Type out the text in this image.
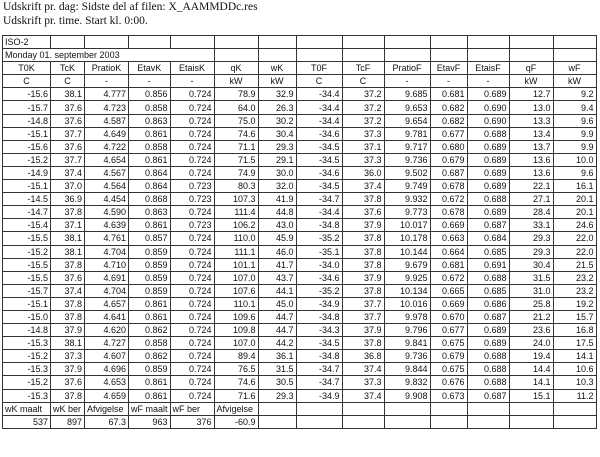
Udskrift pr. dag: Sidste del af filen: X_AAMMDDc.res

Udskrift pr. time. Start kl. 0:00.

ISO-2													
Monday 01. september 2003													
T0K	TcK	PratioK	EtavK	EtaisK	qK	wK	T0F	TcF	PratioF	EtavF	EtaisF	qF	wF
C	C	-	-	-	kW	kW	C	C	-	-	-	kW	kW
-15.6	38.1	4.777	0.856	0.724	78.9	32.9	-34.4	37.2	9.685	0.681	0.689	12.7	9.2
-15.7	37.6	4.723	0.858	0.724	64.0	26.3	-34.4	37.2	9.653	0.682	0.690	13.0	9.4
-14.8	37.6	4.587	0.863	0.724	75.0	30.2	-34.4	37.2	9.654	0.682	0.690	13.3	9.6
-15.1	37.7	4.649	0.861	0.724	74.6	30.4	-34.6	37.3	9.781	0.677	0.688	13.4	9.9
-15.6	37.6	4.722	0.858	0.724	71.1	29.3	-34.5	37.1	9.717	0.680	0.689	13.7	9.9
-15.2	37.7	4.654	0.861	0.724	71.5	29.1	-34.5	37.3	9.736	0.679	0.689	13.6	10.0
-14.9	37.4	4.567	0.864	0.724	74.9	30.0	-34.6	36.0	9.502	0.687	0.689	13.6	9.6
-15.1	37.0	4.564	0.864	0.723	80.3	32.0	-34.5	37.4	9.749	0.678	0.689	22.1	16.1
-14.5	36.9	4.454	0.868	0.723	107.3	41.9	-34.7	37.8	9.932	0.672	0.688	27.1	20.1
-14.7	37.8	4.590	0.863	0.724	111.4	44.8	-34.4	37.6	9.773	0.678	0.689	28.4	20.1
-15.4	37.1	4.639	0.861	0.723	106.2	43.0	-34.8	37.9	10.017	0.669	0.687	33.1	24.6
-15.5	38.1	4.761	0.857	0.724	110.0	45.9	-35.2	37.8	10.178	0.663	0.684	29.3	22.0
-15.2	38.1	4.704	0.859	0.724	111.1	46.0	-35.1	37.8	10.144	0.664	0.685	29.3	22.0
-15.5	37.8	4.710	0.859	0.724	101.1	41.7	-34.0	37.8	9.679	0.681	0.691	30.4	21.5
-15.5	37.6	4.691	0.859	0.724	107.0	43.7	-34.6	37.9	9.925	0.672	0.688	31.5	23.2
-15.7	37.4	4.704	0.859	0.724	107.6	44.1	-35.2	37.8	10.134	0.665	0.685	31.0	23.2
-15.1	37.8	4.657	0.861	0.724	110.1	45.0	-34.9	37.7	10.016	0.669	0.686	25.8	19.2
-15.0	37.8	4.641	0.861	0.724	109.6	44.7	-34.8	37.7	9.978	0.670	0.687	21.2	15.7
-14.8	37.9	4.620	0.862	0.724	109.8	44.7	-34.3	37.9	9.796	0.677	0.689	23.6	16.8
-15.3	38.1	4.727	0.858	0.724	107.0	44.2	-34.5	37.8	9.841	0.675	0.689	24.0	17.5
-15.2	37.3	4.607	0.862	0.724	89.4	36.1	-34.8	36.8	9.736	0.679	0.688	19.4	14.1
-15.3	37.9	4.696	0.859	0.724	76.5	31.5	-34.7	37.4	9.844	0.675	0.688	14.4	10.6
-15.2	37.6	4.653	0.861	0.724	74.6	30.5	-34.7	37.3	9.832	0.676	0.688	14.1	10.3
-15.3	37.8	4.659	0.861	0.724	71.6	29.3	-34.9	37.4	9.908	0.673	0.687	15.1	11.2
wK maalt	wK ber	Afvigelse	wF maalt	wF ber	Afvigelse								
537	897	67.3	963	376	-60.9								
